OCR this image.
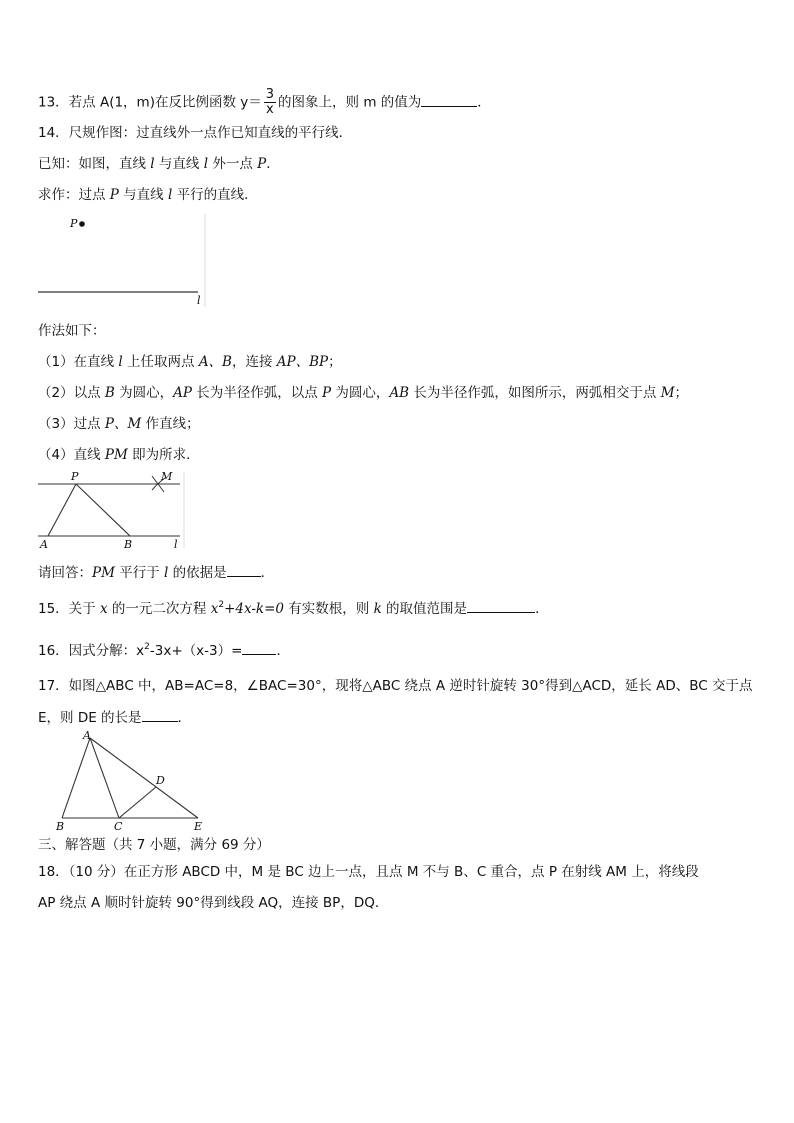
13．若点 A(1，m)在反比例函数 $y= \frac{3}{x}$ 的图象上，则 m 的值为	．
14．尺规作图：过直线外一点作已知直线的平行线．
已知：如图，直线 l 与直线 l 外一点 P．
求作：过点 P 与直线 l 平行的直线．
P
l
作法如下：
（1）在直线 l 上任取两点 A、B，连接 AP、BP；
（2）以点 B 为圆心，AP 长为半径作弧，以点 P 为圆心，AB 长为半径作弧，如图所示，两弧相交于点 M；
（3）过点 P、M 作直线；
（4）直线 PM 即为所求．
P	M
A	B	l
请回答：PM 平行于 l 的依据是	．
15．关于 x 的一元二次方程 $x^2+4x-k=0$ 有实数根，则 k 的取值范围是	．
16．因式分解：$x^2-3x+(x-3)=$	．
17．如图△ABC 中，AB=AC=8，∠BAC=30°，现将△ABC 绕点 A 逆时针旋转 30°得到△ACD，延长 AD、BC 交于点
E，则 DE 的长是	．
A
B	C
D
E
三、解答题（共 7 小题，满分 69 分）
18．（10 分）在正方形 ABCD 中，M 是 BC 边上一点，且点 M 不与 B、C 重合，点 P 在射线 AM 上，将线段
AP 绕点 A 顺时针旋转 90°得到线段 AQ，连接 BP，DQ．
